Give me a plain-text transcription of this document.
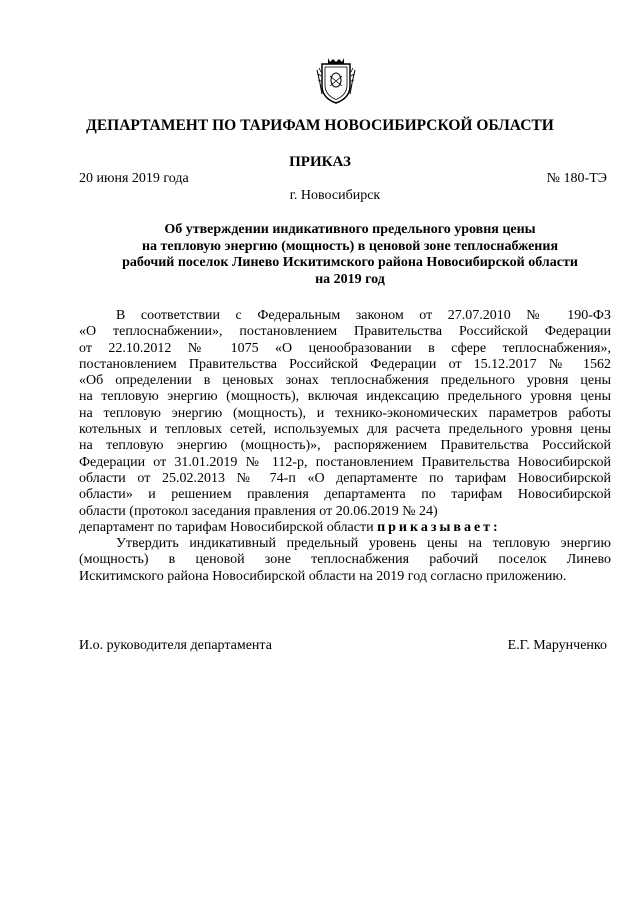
ДЕПАРТАМЕНТ ПО ТАРИФАМ НОВОСИБИРСКОЙ ОБЛАСТИ
ПРИКАЗ
20 июня 2019 года	№ 180-ТЭ
г. Новосибирск
Об утверждении индикативного предельного уровня цены
на тепловую энергию (мощность) в ценовой зоне теплоснабжения
рабочий поселок Линево Искитимского района Новосибирской области
на 2019 год
В соответствии с Федеральным законом от 27.07.2010 № 190-ФЗ
«О теплоснабжении», постановлением Правительства Российской Федерации
от 22.10.2012 № 1075 «О ценообразовании в сфере теплоснабжения»,
постановлением Правительства Российской Федерации от 15.12.2017 № 1562
«Об определении в ценовых зонах теплоснабжения предельного уровня цены
на тепловую энергию (мощность), включая индексацию предельного уровня цены
на тепловую энергию (мощность), и технико-экономических параметров работы
котельных и тепловых сетей, используемых для расчета предельного уровня цены
на тепловую энергию (мощность)», распоряжением Правительства Российской
Федерации от 31.01.2019 № 112-р, постановлением Правительства Новосибирской
области от 25.02.2013 № 74-п «О департаменте по тарифам Новосибирской
области» и решением правления департамента по тарифам Новосибирской
области (протокол заседания правления от 20.06.2019 № 24)
департамент по тарифам Новосибирской области приказывает:
Утвердить индикативный предельный уровень цены на тепловую энергию
(мощность) в ценовой зоне теплоснабжения рабочий поселок Линево
Искитимского района Новосибирской области на 2019 год согласно приложению.
И.о. руководителя департамента	Е.Г. Марунченко
